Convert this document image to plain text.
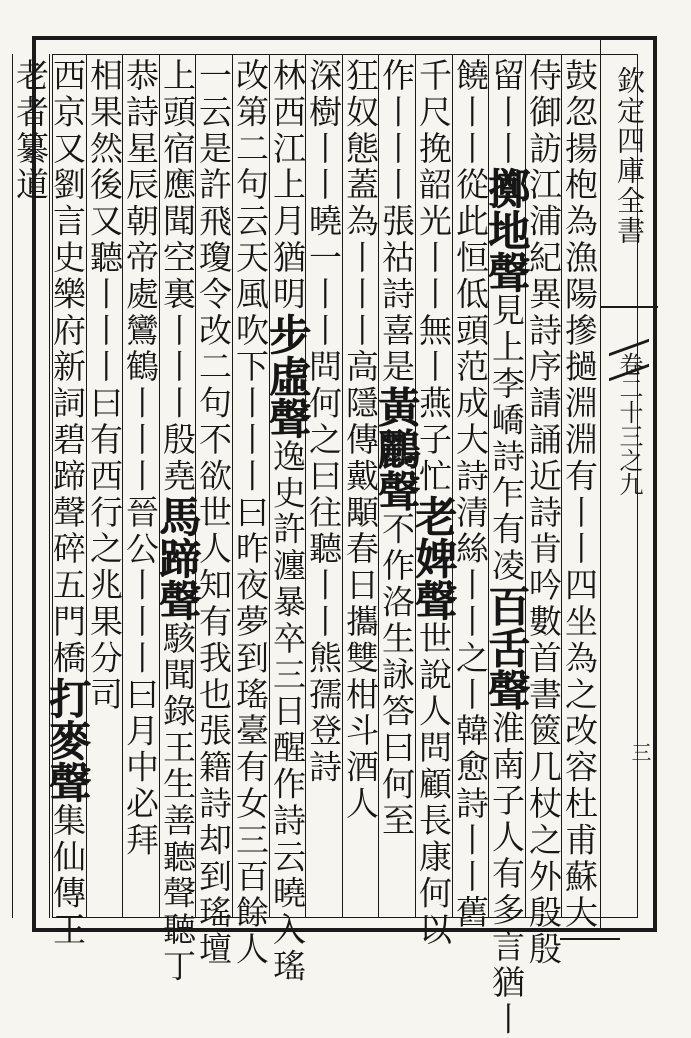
欽定四庫全書
卷二十三之九
三
鼓忽揚枹為漁陽摻撾淵淵有丨丨四坐為之改容杜甫蘇大
侍御訪江浦紀異詩序請誦近詩肯吟數首書篋几杖之外殷殷
留丨丨擲地聲見上李嶠詩乍有凌百舌聲淮南子人有多言猶丨
饒丨丨從此恒低頭范成大詩清絲丨丨之丨韓愈詩丨丨舊
千尺挽韶光丨丨無丨燕子忙老婢聲世說人問顧長康何以
作丨丨丨張祜詩喜是黃鸝聲不作洛生詠答曰何至
狂奴態蓋為丨丨丨高隱傳戴顒春日攜雙柑斗酒人
深樹丨丨曉一丨丨問何之曰往聽丨丨熊孺登詩
林西江上月猶明步虛聲逸史許瀍暴卒三日醒作詩云曉入瑤
改第二句云天風吹下丨丨丨曰昨夜夢到瑤臺有女三百餘人
一云是許飛瓊令改二句不欲世人知有我也張籍詩却到瑤壇
上頭宿應聞空裏丨丨丨殷堯馬蹄聲駭聞錄王生善聽聲聽丁
恭詩星辰朝帝處鸞鶴丨丨丨晉公丨丨丨曰月中必拜
相果然後又聽丨丨丨曰有西行之兆果分司
西京又劉言史樂府新詞碧蹄聲碎五門橋打麥聲集仙傳王
老者纂道
